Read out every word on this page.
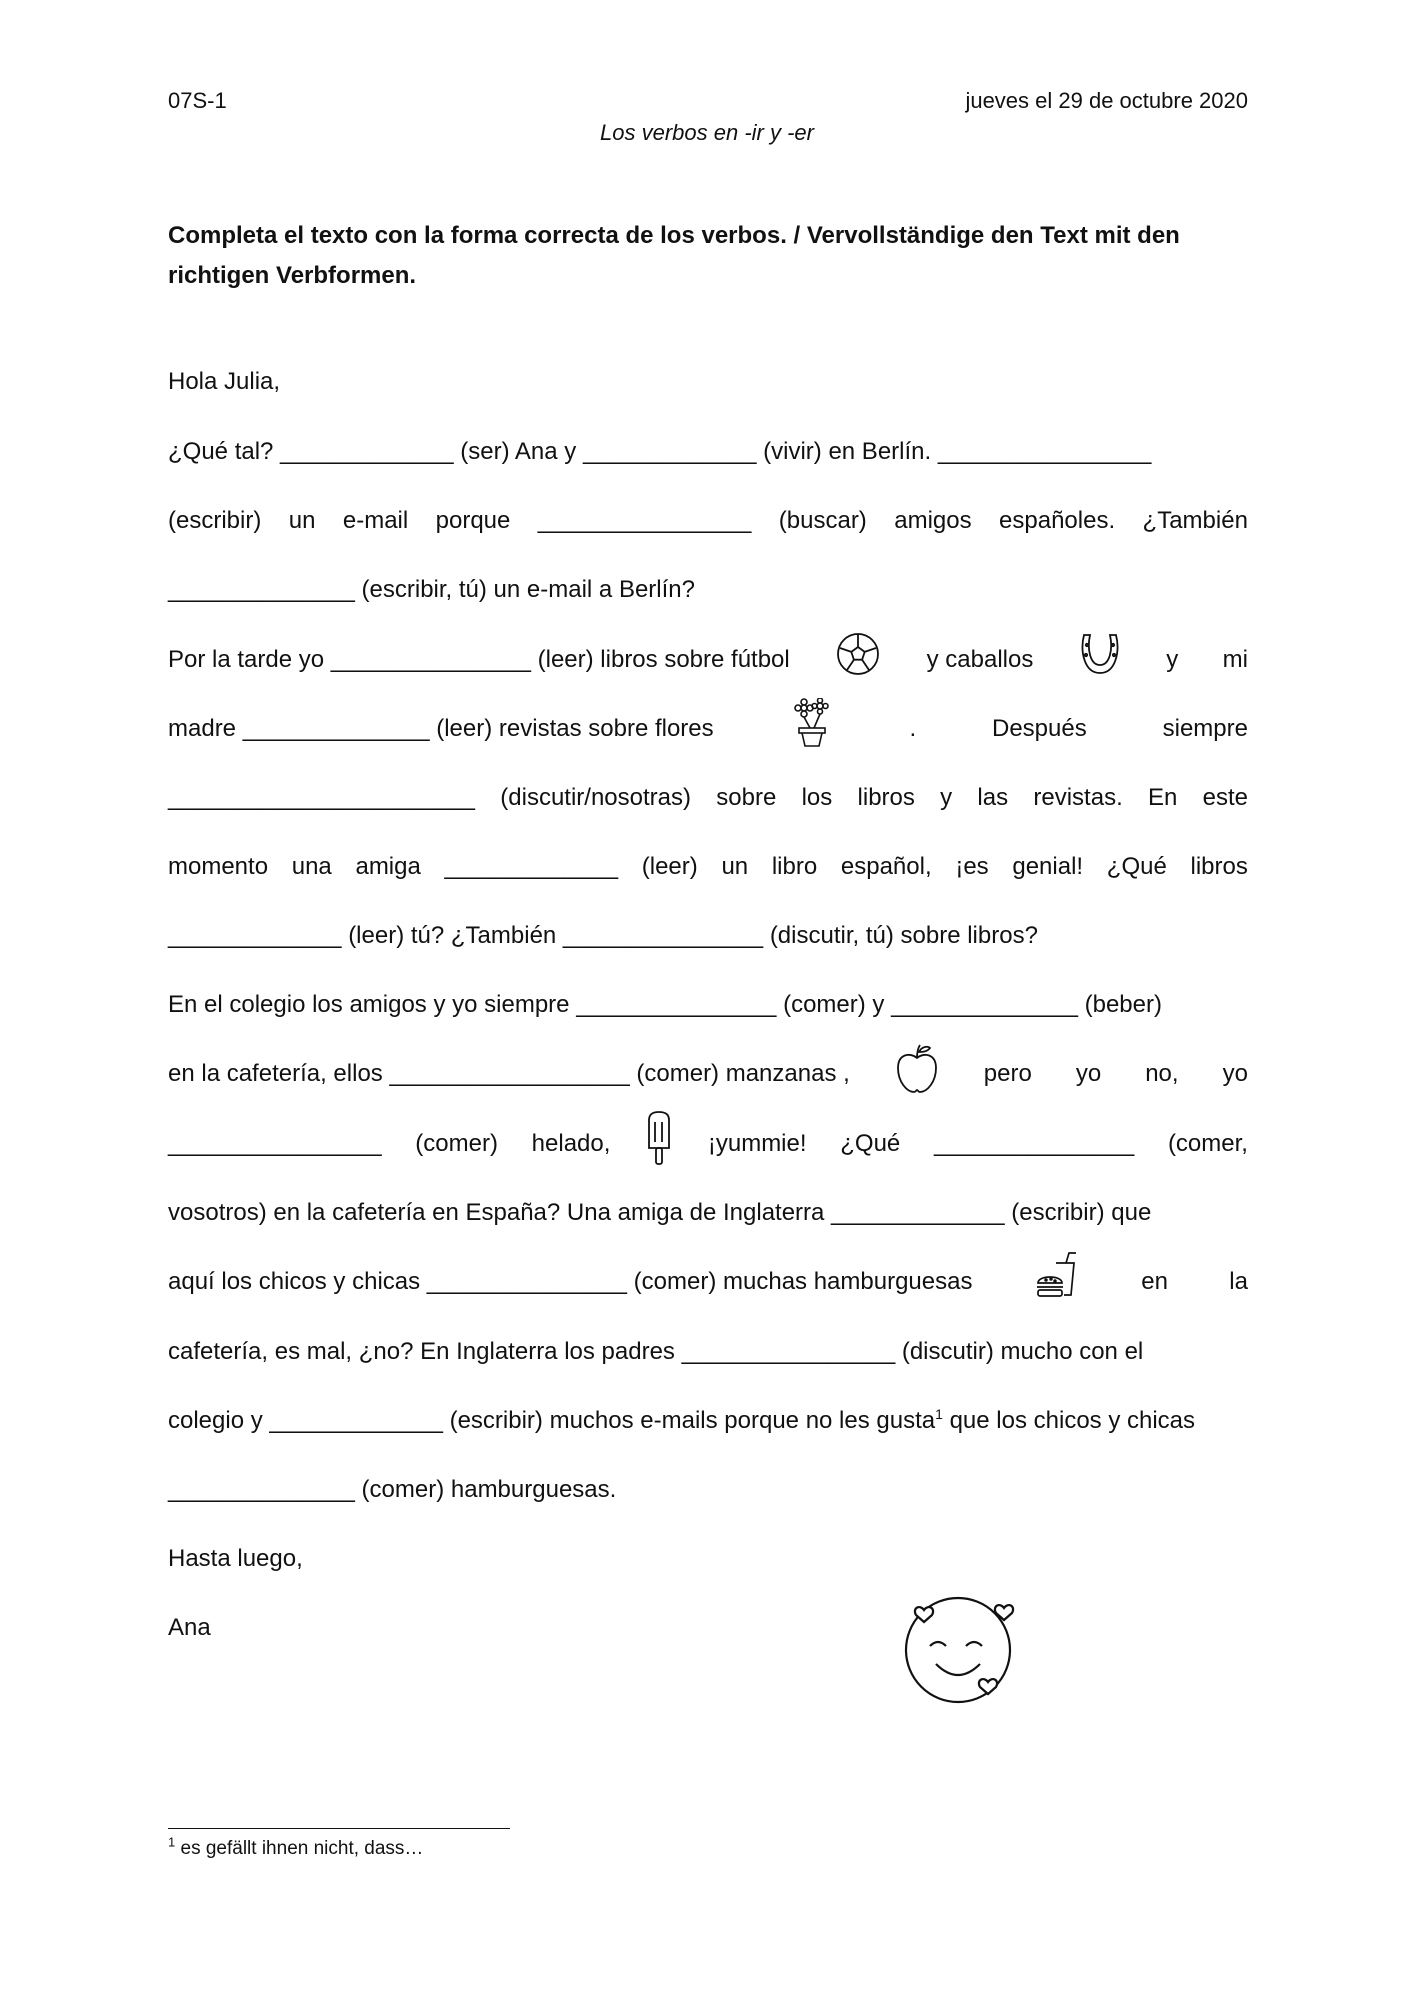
07S-1	jueves el 29 de octubre 2020
Los verbos en -ir y -er
Completa el texto con la forma correcta de los verbos. / Vervollständige den Text mit den richtigen Verbformen.
Hola Julia,
¿Qué tal? _____________ (ser) Ana y _____________ (vivir) en Berlín. ________________
(escribir) un e-mail porque ________________ (buscar) amigos españoles. ¿También
______________ (escribir, tú) un e-mail a Berlín?
Por la tarde yo _______________ (leer) libros sobre fútbol	y caballos	y mi
madre ______________ (leer) revistas sobre flores	.	Después	siempre
_______________________ (discutir/nosotras) sobre los libros y las revistas. En este
momento una amiga _____________ (leer) un libro español, ¡es genial! ¿Qué libros
_____________ (leer) tú? ¿También _______________ (discutir, tú) sobre libros?
En el colegio los amigos y yo siempre _______________ (comer) y ______________ (beber)
en la cafetería, ellos __________________ (comer) manzanas ,	pero yo no, yo
________________ (comer) helado,	¡yummie! ¿Qué _______________ (comer,
vosotros) en la cafetería en España? Una amiga de Inglaterra _____________ (escribir) que
aquí los chicos y chicas _______________ (comer) muchas hamburguesas	en	la
cafetería, es mal, ¿no? En Inglaterra los padres ________________ (discutir) mucho con el
colegio y _____________ (escribir) muchos e-mails porque no les gusta$^1$ que los chicos y chicas
______________ (comer) hamburguesas.
Hasta luego,
Ana
$^1$ es gefällt ihnen nicht, dass…
